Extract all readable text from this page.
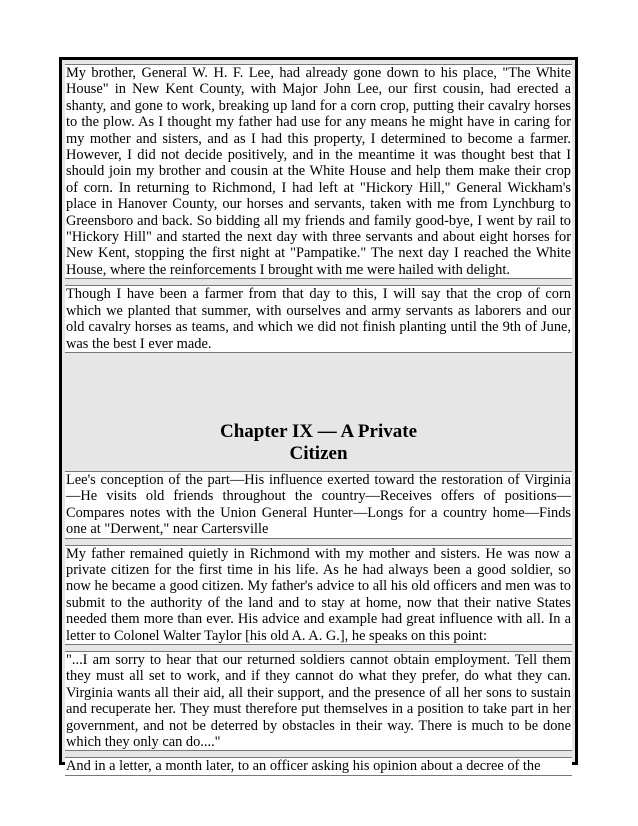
My brother, General W. H. F. Lee, had already gone down to his place, "The White House" in New Kent County, with Major John Lee, our first cousin, had erected a shanty, and gone to work, breaking up land for a corn crop, putting their cavalry horses to the plow. As I thought my father had use for any means he might have in caring for my mother and sisters, and as I had this property, I determined to become a farmer. However, I did not decide positively, and in the meantime it was thought best that I should join my brother and cousin at the White House and help them make their crop of corn. In returning to Richmond, I had left at "Hickory Hill," General Wickham's place in Hanover County, our horses and servants, taken with me from Lynchburg to Greensboro and back. So bidding all my friends and family good-bye, I went by rail to "Hickory Hill" and started the next day with three servants and about eight horses for New Kent, stopping the first night at "Pampatike." The next day I reached the White House, where the reinforcements I brought with me were hailed with delight.

Though I have been a farmer from that day to this, I will say that the crop of corn which we planted that summer, with ourselves and army servants as laborers and our old cavalry horses as teams, and which we did not finish planting until the 9th of June, was the best I ever made.

Chapter IX — A Private
Citizen

Lee's conception of the part—His influence exerted toward the restoration of Virginia—He visits old friends throughout the country—Receives offers of positions—Compares notes with the Union General Hunter—Longs for a country home—Finds one at "Derwent," near Cartersville

My father remained quietly in Richmond with my mother and sisters. He was now a private citizen for the first time in his life. As he had always been a good soldier, so now he became a good citizen. My father's advice to all his old officers and men was to submit to the authority of the land and to stay at home, now that their native States needed them more than ever. His advice and example had great influence with all. In a letter to Colonel Walter Taylor [his old A. A. G.], he speaks on this point:

"...I am sorry to hear that our returned soldiers cannot obtain employment. Tell them they must all set to work, and if they cannot do what they prefer, do what they can. Virginia wants all their aid, all their support, and the presence of all her sons to sustain and recuperate her. They must therefore put themselves in a position to take part in her government, and not be deterred by obstacles in their way. There is much to be done which they only can do...."

And in a letter, a month later, to an officer asking his opinion about a decree of the
